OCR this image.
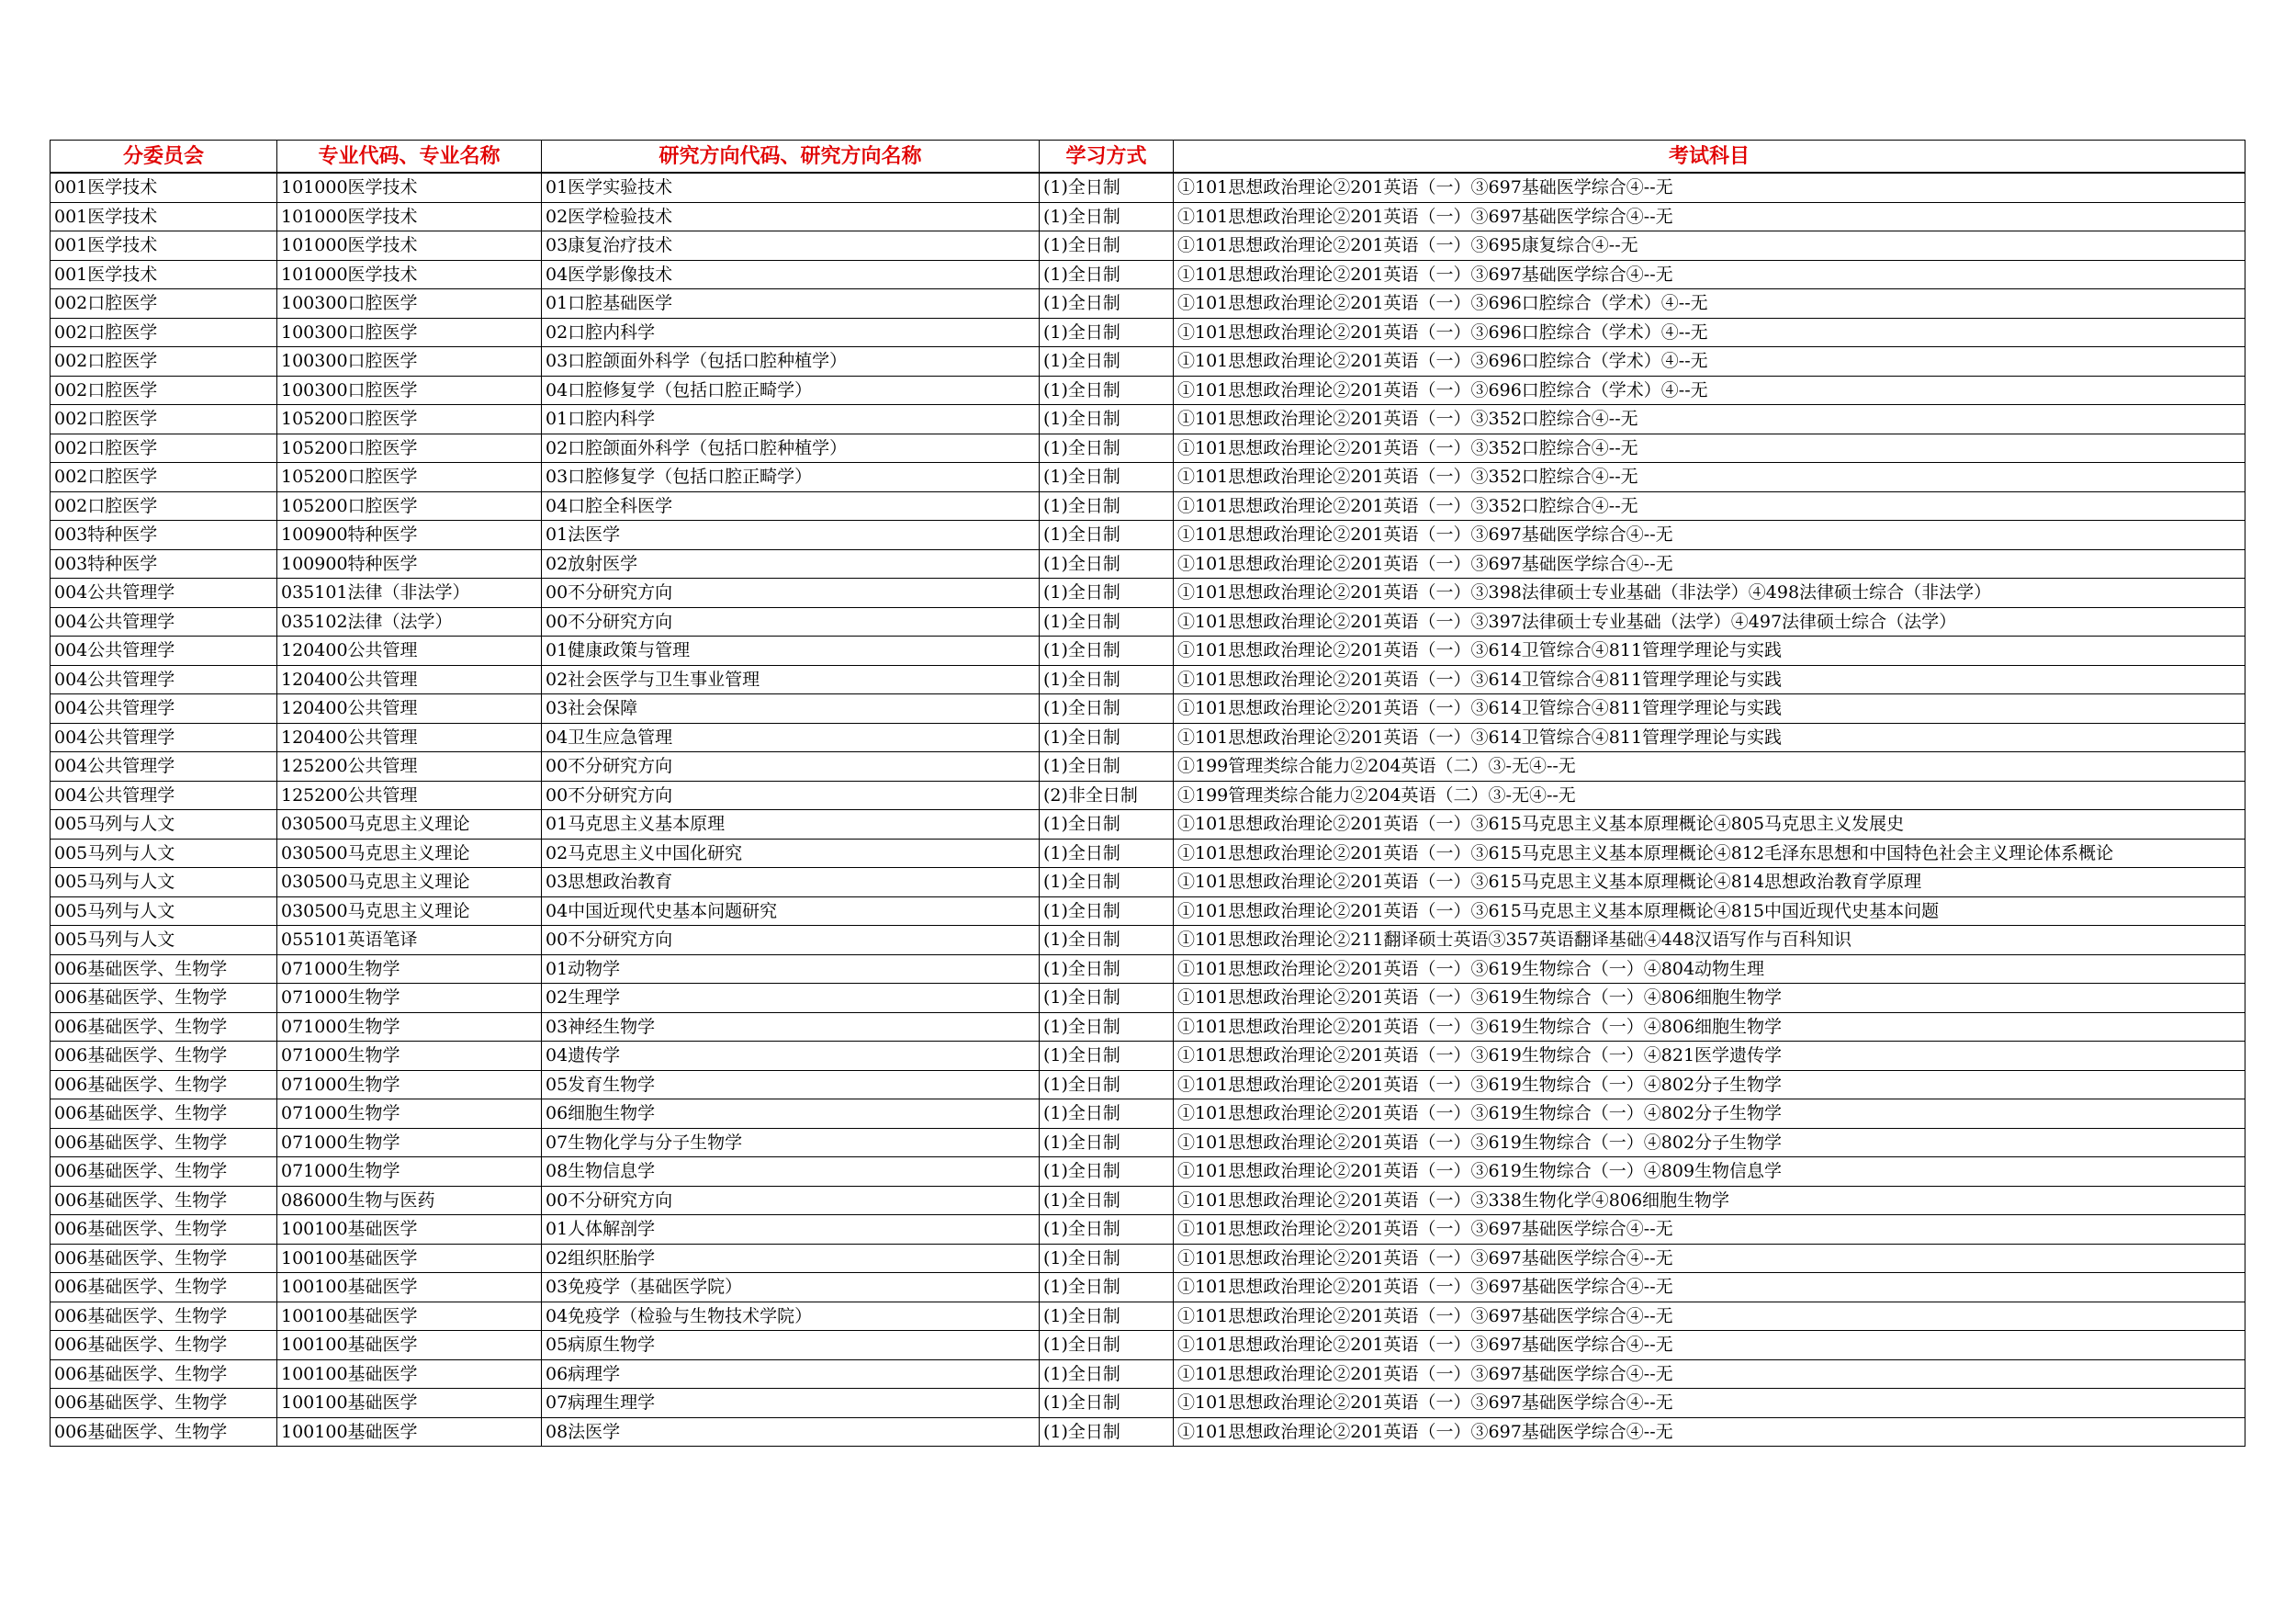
分委员会	专业代码、专业名称	研究方向代码、研究方向名称	学习方式	考试科目
001医学技术	101000医学技术	01医学实验技术	(1)全日制	①101思想政治理论②201英语（一）③697基础医学综合④--无
001医学技术	101000医学技术	02医学检验技术	(1)全日制	①101思想政治理论②201英语（一）③697基础医学综合④--无
001医学技术	101000医学技术	03康复治疗技术	(1)全日制	①101思想政治理论②201英语（一）③695康复综合④--无
001医学技术	101000医学技术	04医学影像技术	(1)全日制	①101思想政治理论②201英语（一）③697基础医学综合④--无
002口腔医学	100300口腔医学	01口腔基础医学	(1)全日制	①101思想政治理论②201英语（一）③696口腔综合（学术）④--无
002口腔医学	100300口腔医学	02口腔内科学	(1)全日制	①101思想政治理论②201英语（一）③696口腔综合（学术）④--无
002口腔医学	100300口腔医学	03口腔颌面外科学（包括口腔种植学）	(1)全日制	①101思想政治理论②201英语（一）③696口腔综合（学术）④--无
002口腔医学	100300口腔医学	04口腔修复学（包括口腔正畸学）	(1)全日制	①101思想政治理论②201英语（一）③696口腔综合（学术）④--无
002口腔医学	105200口腔医学	01口腔内科学	(1)全日制	①101思想政治理论②201英语（一）③352口腔综合④--无
002口腔医学	105200口腔医学	02口腔颌面外科学（包括口腔种植学）	(1)全日制	①101思想政治理论②201英语（一）③352口腔综合④--无
002口腔医学	105200口腔医学	03口腔修复学（包括口腔正畸学）	(1)全日制	①101思想政治理论②201英语（一）③352口腔综合④--无
002口腔医学	105200口腔医学	04口腔全科医学	(1)全日制	①101思想政治理论②201英语（一）③352口腔综合④--无
003特种医学	100900特种医学	01法医学	(1)全日制	①101思想政治理论②201英语（一）③697基础医学综合④--无
003特种医学	100900特种医学	02放射医学	(1)全日制	①101思想政治理论②201英语（一）③697基础医学综合④--无
004公共管理学	035101法律（非法学）	00不分研究方向	(1)全日制	①101思想政治理论②201英语（一）③398法律硕士专业基础（非法学）④498法律硕士综合（非法学）
004公共管理学	035102法律（法学）	00不分研究方向	(1)全日制	①101思想政治理论②201英语（一）③397法律硕士专业基础（法学）④497法律硕士综合（法学）
004公共管理学	120400公共管理	01健康政策与管理	(1)全日制	①101思想政治理论②201英语（一）③614卫管综合④811管理学理论与实践
004公共管理学	120400公共管理	02社会医学与卫生事业管理	(1)全日制	①101思想政治理论②201英语（一）③614卫管综合④811管理学理论与实践
004公共管理学	120400公共管理	03社会保障	(1)全日制	①101思想政治理论②201英语（一）③614卫管综合④811管理学理论与实践
004公共管理学	120400公共管理	04卫生应急管理	(1)全日制	①101思想政治理论②201英语（一）③614卫管综合④811管理学理论与实践
004公共管理学	125200公共管理	00不分研究方向	(1)全日制	①199管理类综合能力②204英语（二）③-无④--无
004公共管理学	125200公共管理	00不分研究方向	(2)非全日制	①199管理类综合能力②204英语（二）③-无④--无
005马列与人文	030500马克思主义理论	01马克思主义基本原理	(1)全日制	①101思想政治理论②201英语（一）③615马克思主义基本原理概论④805马克思主义发展史
005马列与人文	030500马克思主义理论	02马克思主义中国化研究	(1)全日制	①101思想政治理论②201英语（一）③615马克思主义基本原理概论④812毛泽东思想和中国特色社会主义理论体系概论
005马列与人文	030500马克思主义理论	03思想政治教育	(1)全日制	①101思想政治理论②201英语（一）③615马克思主义基本原理概论④814思想政治教育学原理
005马列与人文	030500马克思主义理论	04中国近现代史基本问题研究	(1)全日制	①101思想政治理论②201英语（一）③615马克思主义基本原理概论④815中国近现代史基本问题
005马列与人文	055101英语笔译	00不分研究方向	(1)全日制	①101思想政治理论②211翻译硕士英语③357英语翻译基础④448汉语写作与百科知识
006基础医学、生物学	071000生物学	01动物学	(1)全日制	①101思想政治理论②201英语（一）③619生物综合（一）④804动物生理
006基础医学、生物学	071000生物学	02生理学	(1)全日制	①101思想政治理论②201英语（一）③619生物综合（一）④806细胞生物学
006基础医学、生物学	071000生物学	03神经生物学	(1)全日制	①101思想政治理论②201英语（一）③619生物综合（一）④806细胞生物学
006基础医学、生物学	071000生物学	04遗传学	(1)全日制	①101思想政治理论②201英语（一）③619生物综合（一）④821医学遗传学
006基础医学、生物学	071000生物学	05发育生物学	(1)全日制	①101思想政治理论②201英语（一）③619生物综合（一）④802分子生物学
006基础医学、生物学	071000生物学	06细胞生物学	(1)全日制	①101思想政治理论②201英语（一）③619生物综合（一）④802分子生物学
006基础医学、生物学	071000生物学	07生物化学与分子生物学	(1)全日制	①101思想政治理论②201英语（一）③619生物综合（一）④802分子生物学
006基础医学、生物学	071000生物学	08生物信息学	(1)全日制	①101思想政治理论②201英语（一）③619生物综合（一）④809生物信息学
006基础医学、生物学	086000生物与医药	00不分研究方向	(1)全日制	①101思想政治理论②201英语（一）③338生物化学④806细胞生物学
006基础医学、生物学	100100基础医学	01人体解剖学	(1)全日制	①101思想政治理论②201英语（一）③697基础医学综合④--无
006基础医学、生物学	100100基础医学	02组织胚胎学	(1)全日制	①101思想政治理论②201英语（一）③697基础医学综合④--无
006基础医学、生物学	100100基础医学	03免疫学（基础医学院）	(1)全日制	①101思想政治理论②201英语（一）③697基础医学综合④--无
006基础医学、生物学	100100基础医学	04免疫学（检验与生物技术学院）	(1)全日制	①101思想政治理论②201英语（一）③697基础医学综合④--无
006基础医学、生物学	100100基础医学	05病原生物学	(1)全日制	①101思想政治理论②201英语（一）③697基础医学综合④--无
006基础医学、生物学	100100基础医学	06病理学	(1)全日制	①101思想政治理论②201英语（一）③697基础医学综合④--无
006基础医学、生物学	100100基础医学	07病理生理学	(1)全日制	①101思想政治理论②201英语（一）③697基础医学综合④--无
006基础医学、生物学	100100基础医学	08法医学	(1)全日制	①101思想政治理论②201英语（一）③697基础医学综合④--无
